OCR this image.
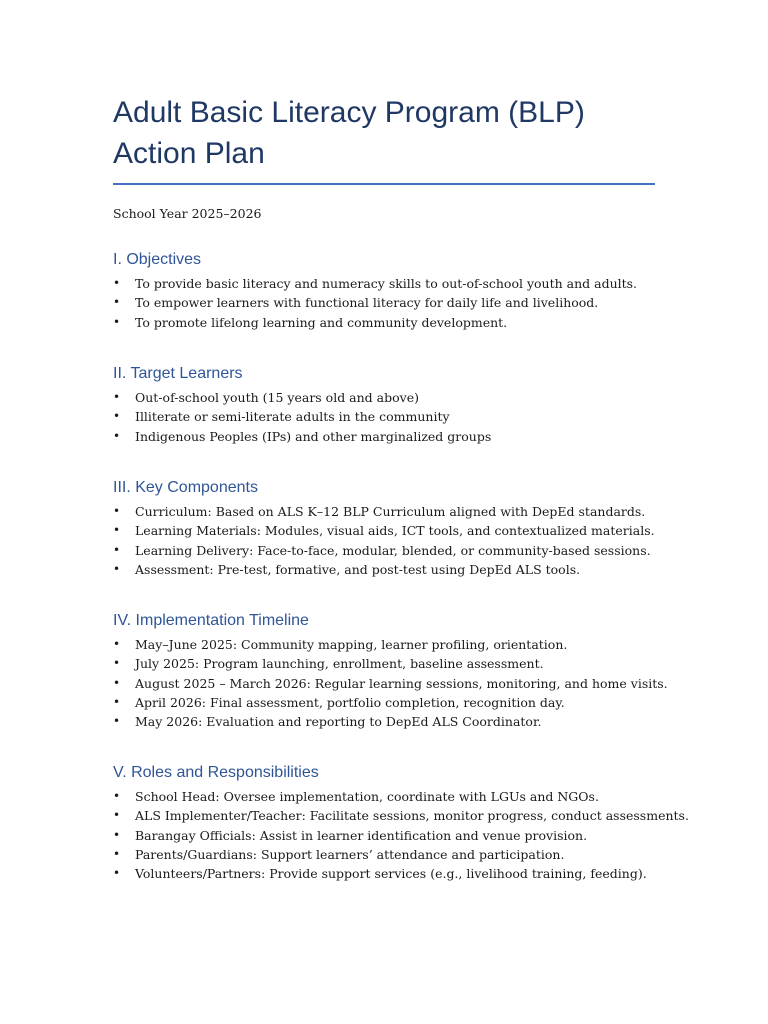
Adult Basic Literacy Program (BLP)
Action Plan
School Year 2025–2026
I. Objectives
• To provide basic literacy and numeracy skills to out-of-school youth and adults.
• To empower learners with functional literacy for daily life and livelihood.
• To promote lifelong learning and community development.
II. Target Learners
• Out-of-school youth (15 years old and above)
• Illiterate or semi-literate adults in the community
• Indigenous Peoples (IPs) and other marginalized groups
III. Key Components
• Curriculum: Based on ALS K–12 BLP Curriculum aligned with DepEd standards.
• Learning Materials: Modules, visual aids, ICT tools, and contextualized materials.
• Learning Delivery: Face-to-face, modular, blended, or community-based sessions.
• Assessment: Pre-test, formative, and post-test using DepEd ALS tools.
IV. Implementation Timeline
• May–June 2025: Community mapping, learner profiling, orientation.
• July 2025: Program launching, enrollment, baseline assessment.
• August 2025 – March 2026: Regular learning sessions, monitoring, and home visits.
• April 2026: Final assessment, portfolio completion, recognition day.
• May 2026: Evaluation and reporting to DepEd ALS Coordinator.
V. Roles and Responsibilities
• School Head: Oversee implementation, coordinate with LGUs and NGOs.
• ALS Implementer/Teacher: Facilitate sessions, monitor progress, conduct assessments.
• Barangay Officials: Assist in learner identification and venue provision.
• Parents/Guardians: Support learners’ attendance and participation.
• Volunteers/Partners: Provide support services (e.g., livelihood training, feeding).
